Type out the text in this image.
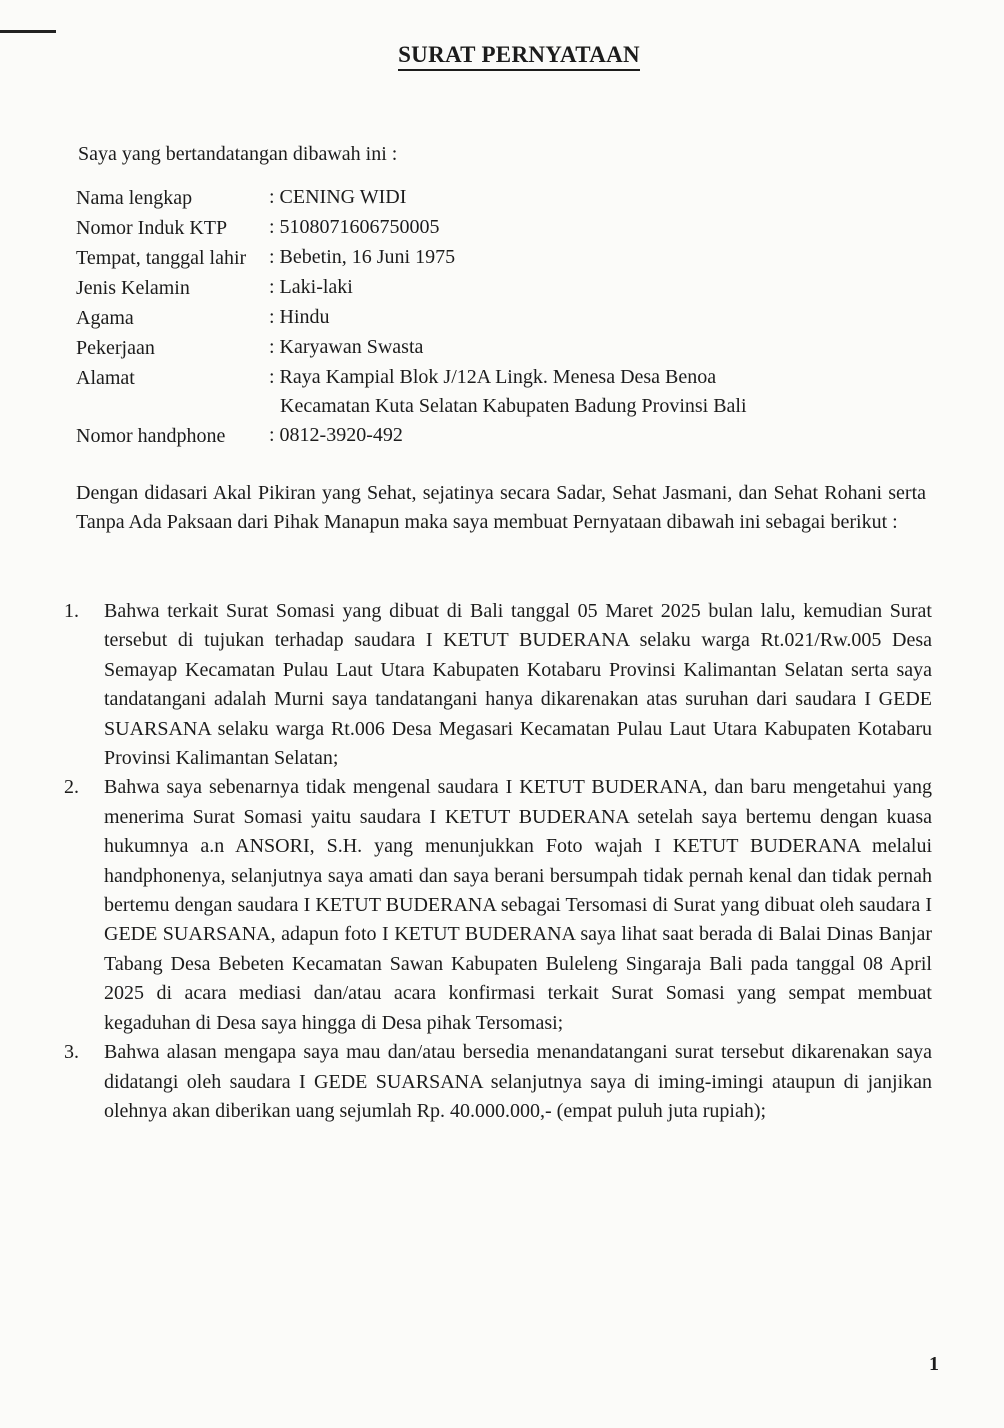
SURAT PERNYATAAN
Saya yang bertandatangan dibawah ini :
Nama lengkap	: CENING WIDI
Nomor Induk KTP	: 5108071606750005
Tempat, tanggal lahir	: Bebetin, 16 Juni 1975
Jenis Kelamin	: Laki-laki
Agama	: Hindu
Pekerjaan	: Karyawan Swasta
Alamat	: Raya Kampial Blok J/12A Lingk. Menesa Desa Benoa
Kecamatan Kuta Selatan Kabupaten Badung Provinsi Bali
Nomor handphone	: 0812-3920-492
Dengan didasari Akal Pikiran yang Sehat, sejatinya secara Sadar, Sehat Jasmani, dan Sehat Rohani serta Tanpa Ada Paksaan dari Pihak Manapun maka saya membuat Pernyataan dibawah ini sebagai berikut :
1.	Bahwa terkait Surat Somasi yang dibuat di Bali tanggal 05 Maret 2025 bulan lalu, kemudian Surat tersebut di tujukan terhadap saudara I KETUT BUDERANA selaku warga Rt.021/Rw.005 Desa Semayap Kecamatan Pulau Laut Utara Kabupaten Kotabaru Provinsi Kalimantan Selatan serta saya tandatangani adalah Murni saya tandatangani hanya dikarenakan atas suruhan dari saudara I GEDE SUARSANA selaku warga Rt.006 Desa Megasari Kecamatan Pulau Laut Utara Kabupaten Kotabaru Provinsi Kalimantan Selatan;
2.	Bahwa saya sebenarnya tidak mengenal saudara I KETUT BUDERANA, dan baru mengetahui yang menerima Surat Somasi yaitu saudara I KETUT BUDERANA setelah saya bertemu dengan kuasa hukumnya a.n ANSORI, S.H. yang menunjukkan Foto wajah I KETUT BUDERANA melalui handphonenya, selanjutnya saya amati dan saya berani bersumpah tidak pernah kenal dan tidak pernah bertemu dengan saudara I KETUT BUDERANA sebagai Tersomasi di Surat yang dibuat oleh saudara I GEDE SUARSANA, adapun foto I KETUT BUDERANA saya lihat saat berada di Balai Dinas Banjar Tabang Desa Bebeten Kecamatan Sawan Kabupaten Buleleng Singaraja Bali pada tanggal 08 April 2025 di acara mediasi dan/atau acara konfirmasi terkait Surat Somasi yang sempat membuat kegaduhan di Desa saya hingga di Desa pihak Tersomasi;
3.	Bahwa alasan mengapa saya mau dan/atau bersedia menandatangani surat tersebut dikarenakan saya didatangi oleh saudara I GEDE SUARSANA selanjutnya saya di iming-imingi ataupun di janjikan olehnya akan diberikan uang sejumlah Rp. 40.000.000,- (empat puluh juta rupiah);
1
